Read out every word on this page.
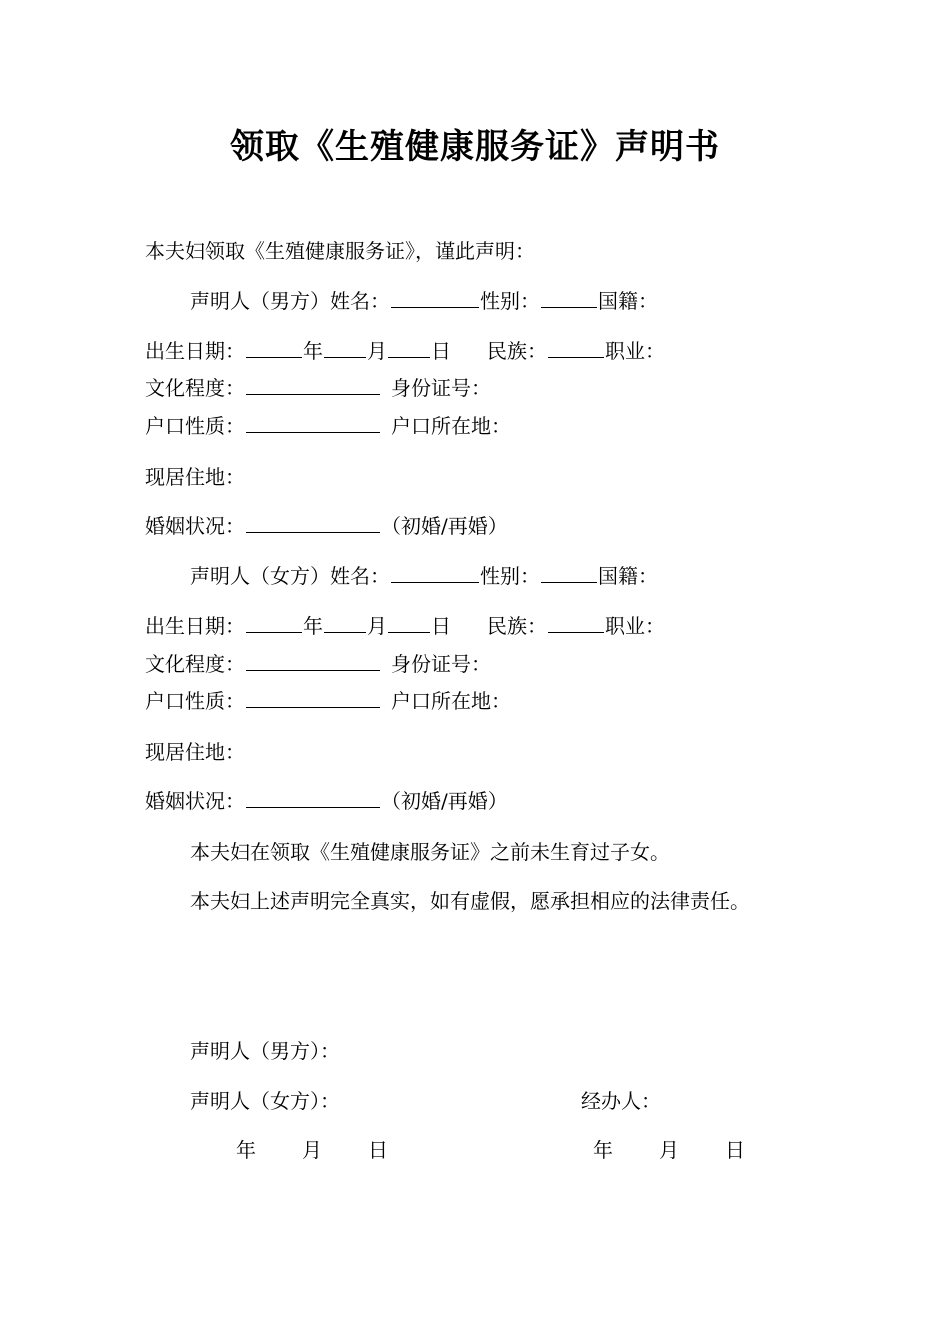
领取《生殖健康服务证》声明书
本夫妇领取《生殖健康服务证》，谨此声明：
声明人（男方）姓名：	性别：	国籍：
出生日期：	年 月 日 民族：	职业：
文化程度：	身份证号：
户口性质：	户口所在地：
现居住地：
婚姻状况：	（初婚/再婚）
声明人（女方）姓名：	性别：	国籍：
出生日期：	年 月 日 民族：	职业：
文化程度：	身份证号：
户口性质：	户口所在地：
现居住地：
婚姻状况：	（初婚/再婚）
本夫妇在领取《生殖健康服务证》之前未生育过子女。
本夫妇上述声明完全真实，如有虚假，愿承担相应的法律责任。
声明人（男方）：
声明人（女方）：	经办人：
年 月 日	年 月 日
